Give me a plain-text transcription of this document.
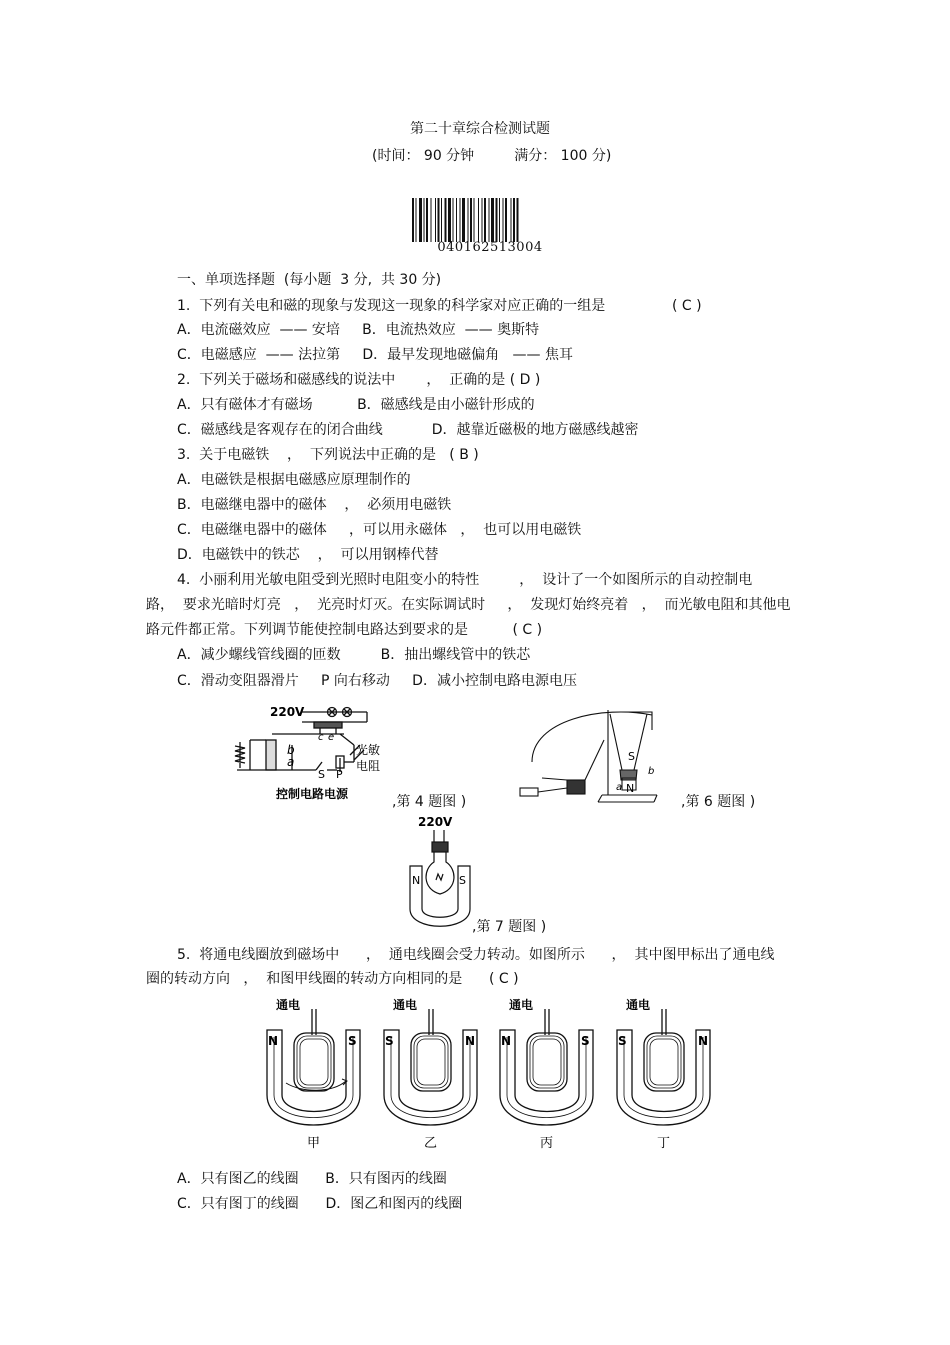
第二十章综合检测试题
(时间： 90 分钟         满分： 100 分)
040162513004
一、单项选择题  (每小题  3 分,  共 30 分)
1.  下列有关电和磁的现象与发现这一现象的科学家对应正确的一组是               ( C )
A．电流磁效应  —— 安培     B．电流热效应  —— 奥斯特
C．电磁感应  —— 法拉第     D．最早发现地磁偏角   —— 焦耳
2.  下列关于磁场和磁感线的说法中       ，  正确的是 ( D )
A．只有磁体才有磁场          B．磁感线是由小磁针形成的
C．磁感线是客观存在的闭合曲线           D．越靠近磁极的地方磁感线越密
3.  关于电磁铁    ，  下列说法中正确的是   ( B )
A．电磁铁是根据电磁感应原理制作的
B．电磁继电器中的磁体    ，  必须用电磁铁
C．电磁继电器中的磁体     ，可以用永磁体   ，  也可以用电磁铁
D．电磁铁中的铁芯    ，  可以用钢棒代替
4.  小丽利用光敏电阻受到光照时电阻变小的特性         ，  设计了一个如图所示的自动控制电
路，  要求光暗时灯亮   ，  光亮时灯灭。在实际调试时     ，  发现灯始终亮着   ，  而光敏电阻和其他电
路元件都正常。下列调节能使控制电路达到要求的是          ( C )
A．减少螺线管线圈的匝数         B．抽出螺线管中的铁芯
C．滑动变阻器滑片     P 向右移动     D．减小控制电路电源电压
220V
c e
b
a
S P
光敏
电阻
控制电路电源	,第 4 题图 )
S
N
a
b
,第 6 题图 )
220V
N	S
,第 7 题图 )
5.  将通电线圈放到磁场中      ，  通电线圈会受力转动。如图所示      ，  其中图甲标出了通电线
圈的转动方向   ，  和图甲线圈的转动方向相同的是      ( C )
通电
N	S
甲
通电
S	N
乙
通电
N	S
丙
通电
S	N
丁
A．只有图乙的线圈      B．只有图丙的线圈
C．只有图丁的线圈      D．图乙和图丙的线圈
